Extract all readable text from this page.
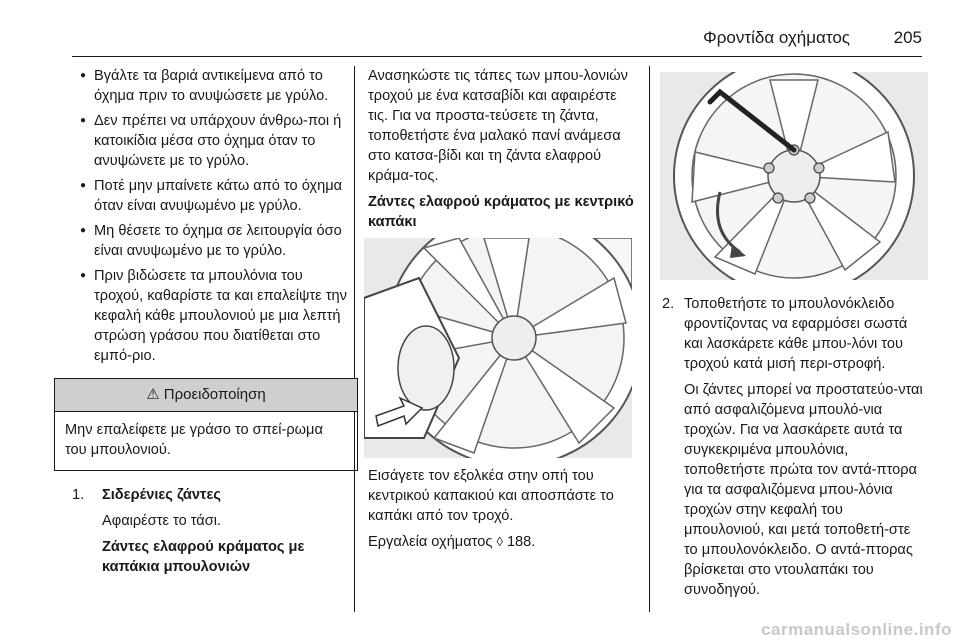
Φροντίδα οχήματος	205
● Βγάλτε τα βαριά αντικείμενα από το όχημα πριν το ανυψώσετε με γρύλο.
● Δεν πρέπει να υπάρχουν άνθρω-ποι ή κατοικίδια μέσα στο όχημα όταν το ανυψώνετε με το γρύλο.
● Ποτέ μην μπαίνετε κάτω από το όχημα όταν είναι ανυψωμένο με γρύλο.
● Μη θέσετε το όχημα σε λειτουργία όσο είναι ανυψωμένο με το γρύλο.
● Πριν βιδώσετε τα μπουλόνια του τροχού, καθαρίστε τα και επαλείψτε την κεφαλή κάθε μπουλονιού με μια λεπτή στρώση γράσου που διατίθεται στο εμπό-ριο.
⚠ Προειδοποίηση
Μην επαλείφετε με γράσο το σπεί-ρωμα του μπουλονιού.
1. Σιδερένιες ζάντες

Αφαιρέστε το τάσι.

Ζάντες ελαφρού κράματος με καπάκια μπουλονιών

Ανασηκώστε τις τάπες των μπου-λονιών τροχού με ένα κατσαβίδι και αφαιρέστε τις. Για να προστα-τεύσετε τη ζάντα, τοποθετήστε ένα μαλακό πανί ανάμεσα στο κατσα-βίδι και τη ζάντα ελαφρού κράμα-τος.

Ζάντες ελαφρού κράματος με κεντρικό καπάκι

Εισάγετε τον εξολκέα στην οπή του κεντρικού καπακιού και αποσπάστε το καπάκι από τον τροχό.

Εργαλεία οχήματος ◊ 188.

2. Τοποθετήστε το μπουλονόκλειδο φροντίζοντας να εφαρμόσει σωστά και λασκάρετε κάθε μπου-λόνι του τροχού κατά μισή περι-στροφή.

Οι ζάντες μπορεί να προστατεύο-νται από ασφαλιζόμενα μπουλό-νια τροχών. Για να λασκάρετε αυτά τα συγκεκριμένα μπουλόνια, τοποθετήστε πρώτα τον αντά-πτορα για τα ασφαλιζόμενα μπου-λόνια τροχών στην κεφαλή του μπουλονιού, και μετά τοποθετή-στε το μπουλονόκλειδο. Ο αντά-πτορας βρίσκεται στο ντουλαπάκι του συνοδηγού.

carmanualsonline.info
